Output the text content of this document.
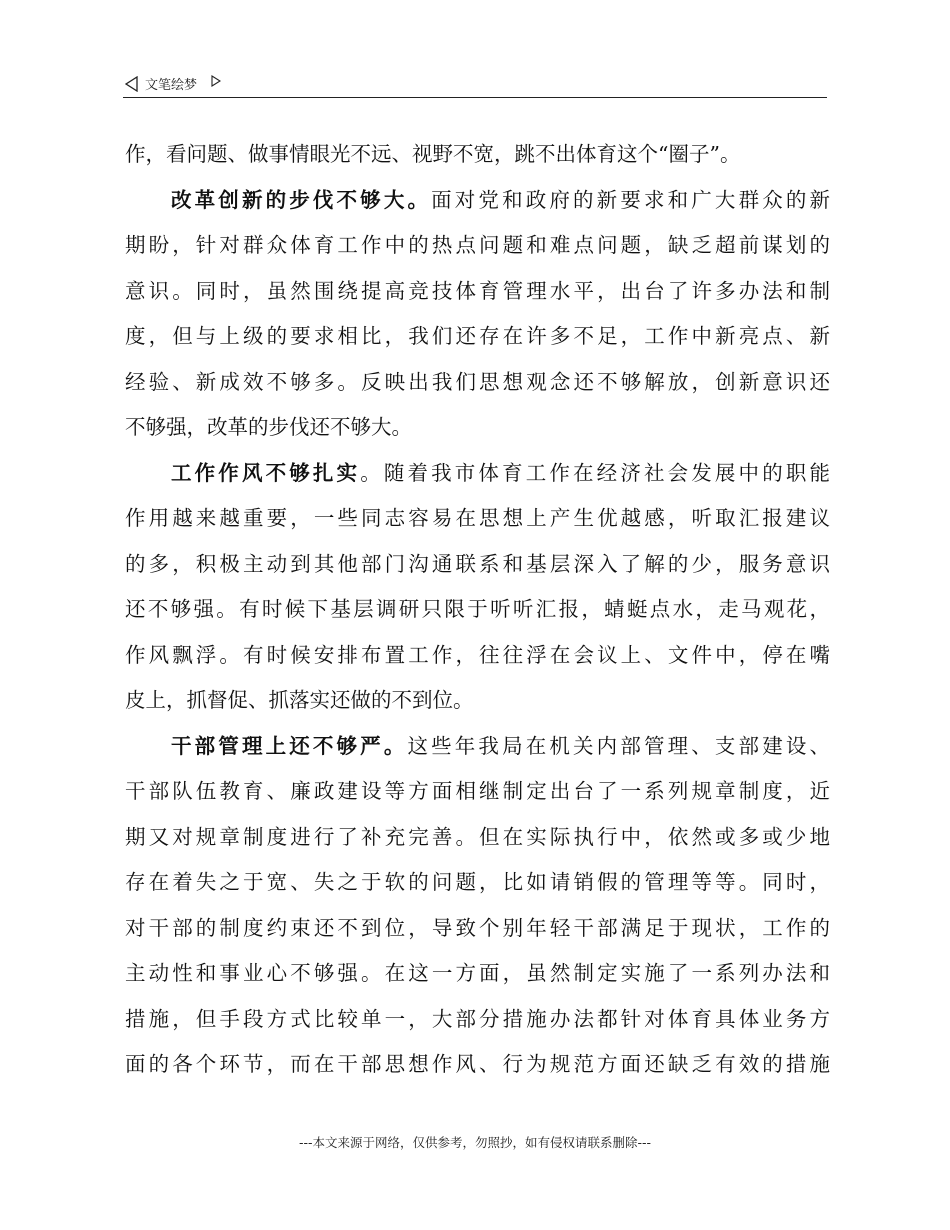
文笔绘梦
作，看问题、做事情眼光不远、视野不宽，跳不出体育这个“圈子”。
改革创新的步伐不够大。面对党和政府的新要求和广大群众的新
期盼，针对群众体育工作中的热点问题和难点问题，缺乏超前谋划的
意识。同时，虽然围绕提高竞技体育管理水平，出台了许多办法和制
度，但与上级的要求相比，我们还存在许多不足，工作中新亮点、新
经验、新成效不够多。反映出我们思想观念还不够解放，创新意识还
不够强，改革的步伐还不够大。
工作作风不够扎实。随着我市体育工作在经济社会发展中的职能
作用越来越重要，一些同志容易在思想上产生优越感，听取汇报建议
的多，积极主动到其他部门沟通联系和基层深入了解的少，服务意识
还不够强。有时候下基层调研只限于听听汇报，蜻蜓点水，走马观花，
作风飘浮。有时候安排布置工作，往往浮在会议上、文件中，停在嘴
皮上，抓督促、抓落实还做的不到位。
干部管理上还不够严。这些年我局在机关内部管理、支部建设、
干部队伍教育、廉政建设等方面相继制定出台了一系列规章制度，近
期又对规章制度进行了补充完善。但在实际执行中，依然或多或少地
存在着失之于宽、失之于软的问题，比如请销假的管理等等。同时，
对干部的制度约束还不到位，导致个别年轻干部满足于现状，工作的
主动性和事业心不够强。在这一方面，虽然制定实施了一系列办法和
措施，但手段方式比较单一，大部分措施办法都针对体育具体业务方
面的各个环节，而在干部思想作风、行为规范方面还缺乏有效的措施
---本文来源于网络，仅供参考，勿照抄，如有侵权请联系删除---
